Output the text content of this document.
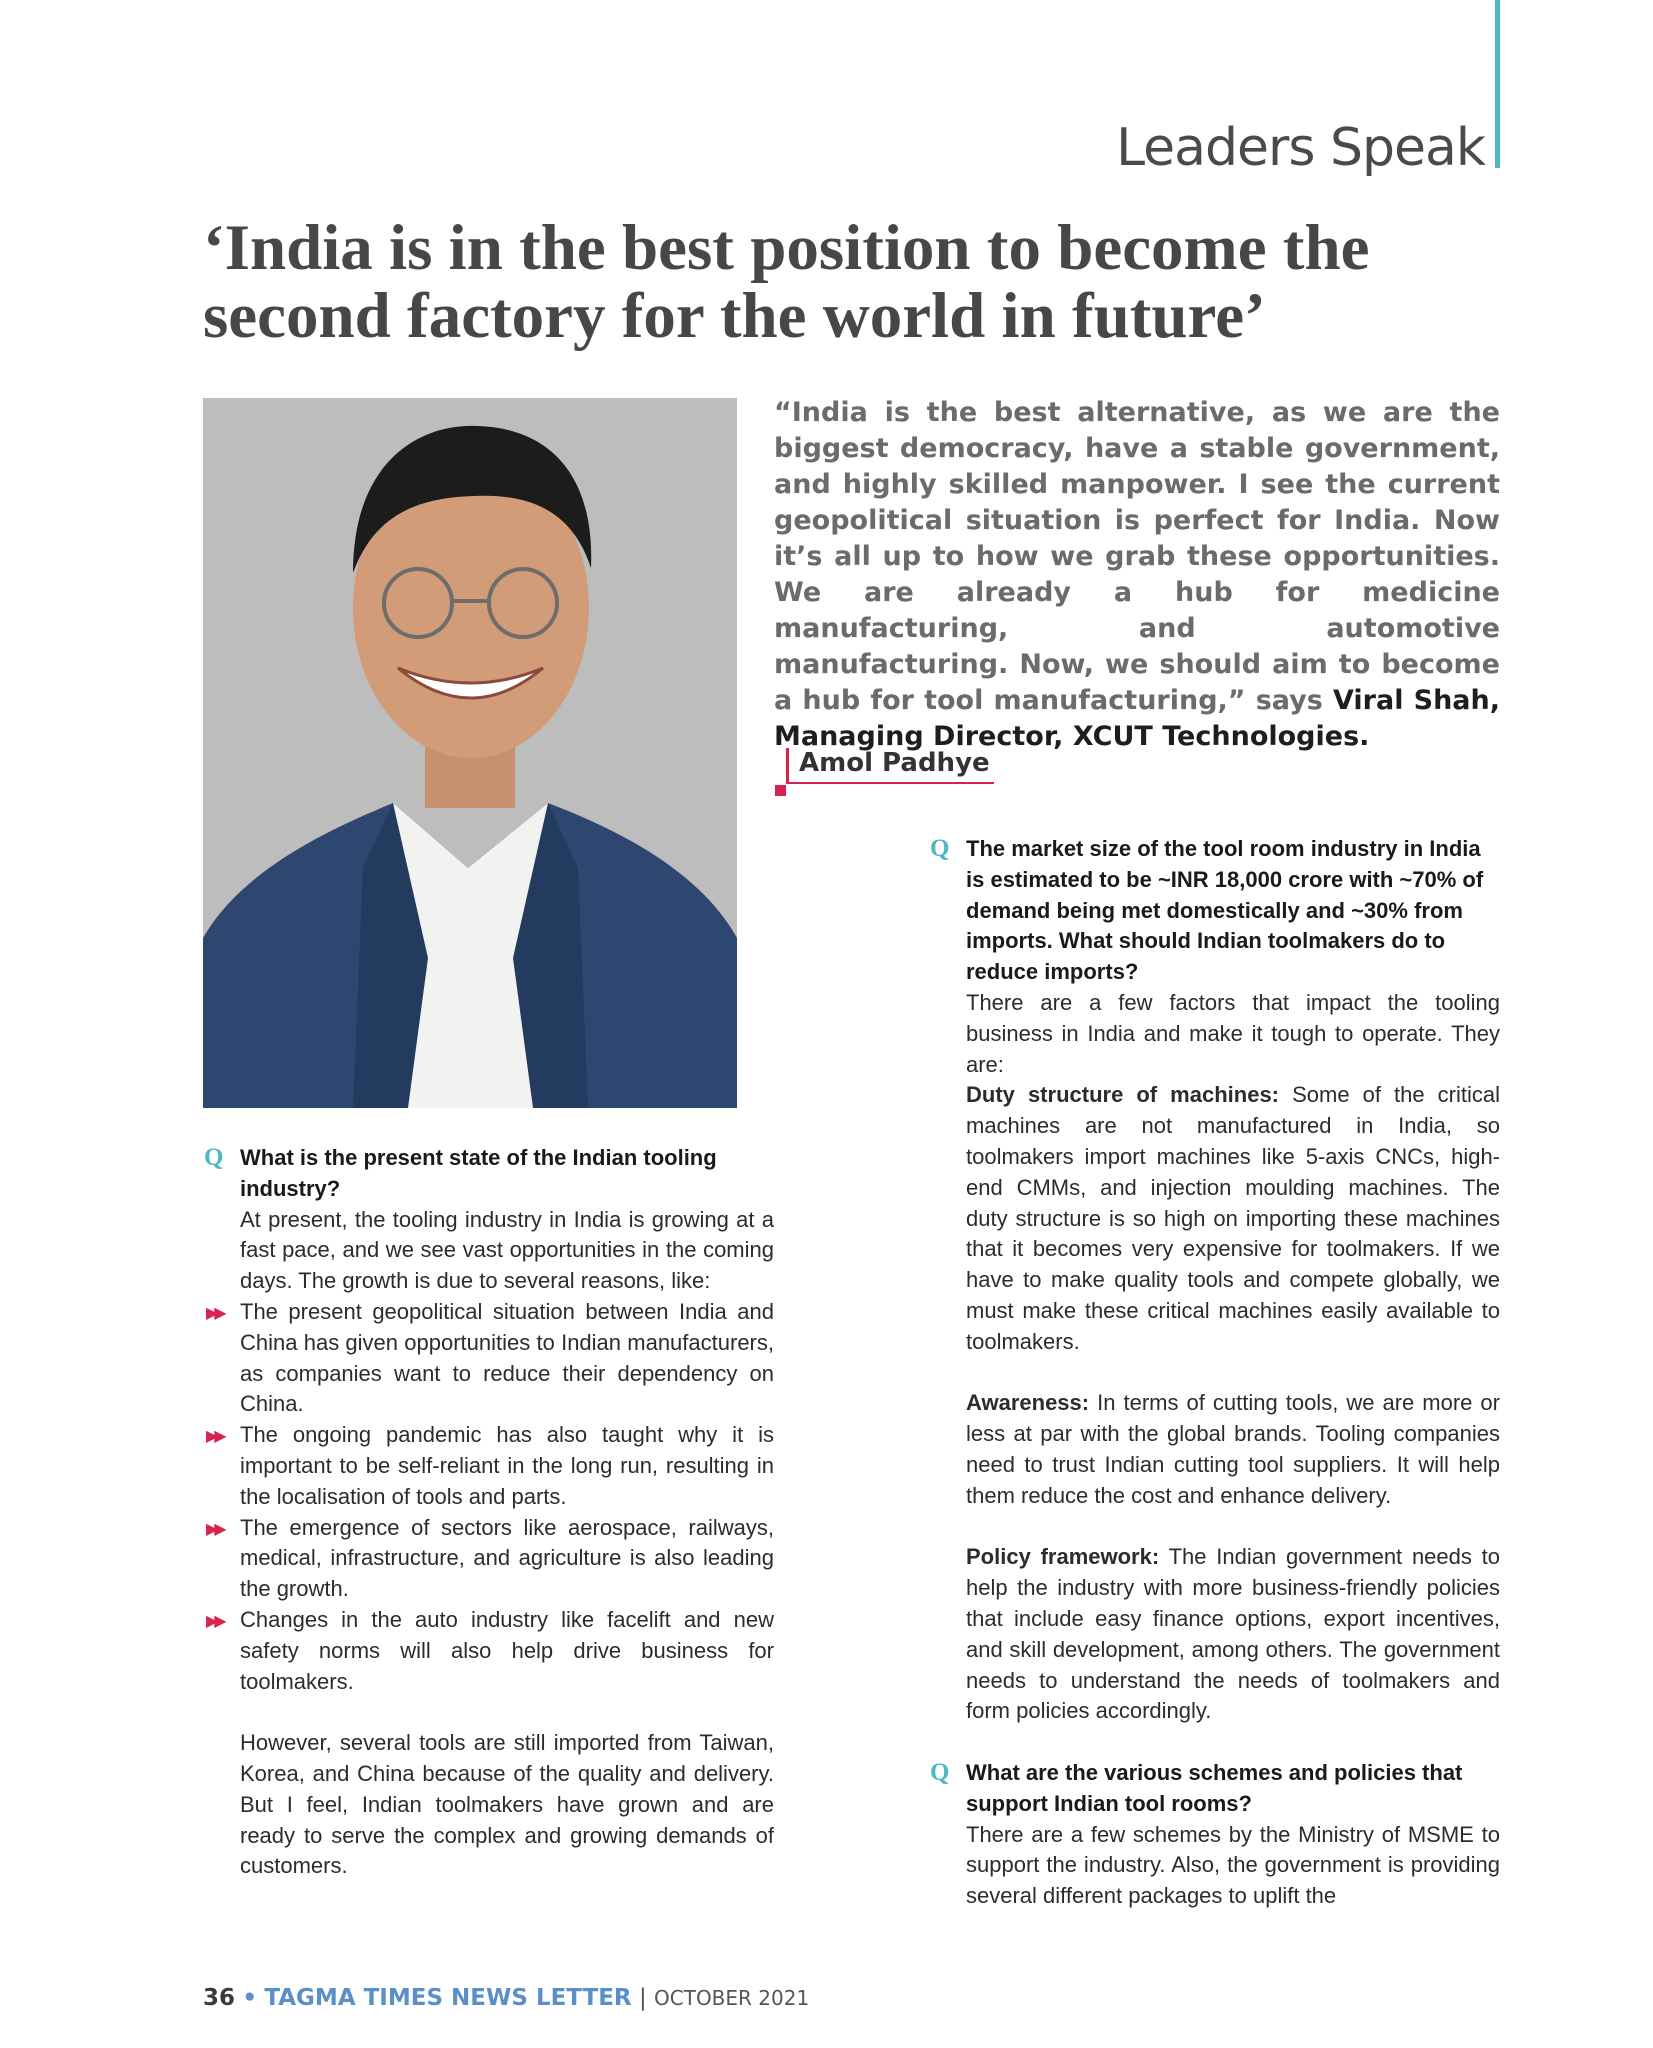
Leaders Speak
‘India is in the best position to become the second factory for the world in future’

“India is the best alternative, as we are the biggest democracy, have a stable government, and highly skilled manpower. I see the current geopolitical situation is perfect for India. Now it’s all up to how we grab these opportunities. We are already a hub for medicine manufacturing, and automotive manufacturing. Now, we should aim to become a hub for tool manufacturing,” says Viral Shah, Managing Director, XCUT Technologies.

Amol Padhye

Q What is the present state of the Indian tooling industry?

At present, the tooling industry in India is growing at a fast pace, and we see vast opportunities in the coming days. The growth is due to several reasons, like:

▶▶ The present geopolitical situation between India and China has given opportunities to Indian manufacturers, as companies want to reduce their dependency on China.

▶▶ The ongoing pandemic has also taught why it is important to be self-reliant in the long run, resulting in the localisation of tools and parts.

▶▶ The emergence of sectors like aerospace, railways, medical, infrastructure, and agriculture is also leading the growth.

▶▶ Changes in the auto industry like facelift and new safety norms will also help drive business for toolmakers.

However, several tools are still imported from Taiwan, Korea, and China because of the quality and delivery. But I feel, Indian toolmakers have grown and are ready to serve the complex and growing demands of customers.

Q The market size of the tool room industry in India is estimated to be ~INR 18,000 crore with ~70% of demand being met domestically and ~30% from imports. What should Indian toolmakers do to reduce imports?

There are a few factors that impact the tooling business in India and make it tough to operate. They are:

Duty structure of machines: Some of the critical machines are not manufactured in India, so toolmakers import machines like 5-axis CNCs, high-end CMMs, and injection moulding machines. The duty structure is so high on importing these machines that it becomes very expensive for toolmakers. If we have to make quality tools and compete globally, we must make these critical machines easily available to toolmakers.

Awareness: In terms of cutting tools, we are more or less at par with the global brands. Tooling companies need to trust Indian cutting tool suppliers. It will help them reduce the cost and enhance delivery.

Policy framework: The Indian government needs to help the industry with more business-friendly policies that include easy finance options, export incentives, and skill development, among others. The government needs to understand the needs of toolmakers and form policies accordingly.

Q What are the various schemes and policies that support Indian tool rooms?

There are a few schemes by the Ministry of MSME to support the industry. Also, the government is providing several different packages to uplift the

36 • TAGMA TIMES NEWS LETTER | OCTOBER 2021
